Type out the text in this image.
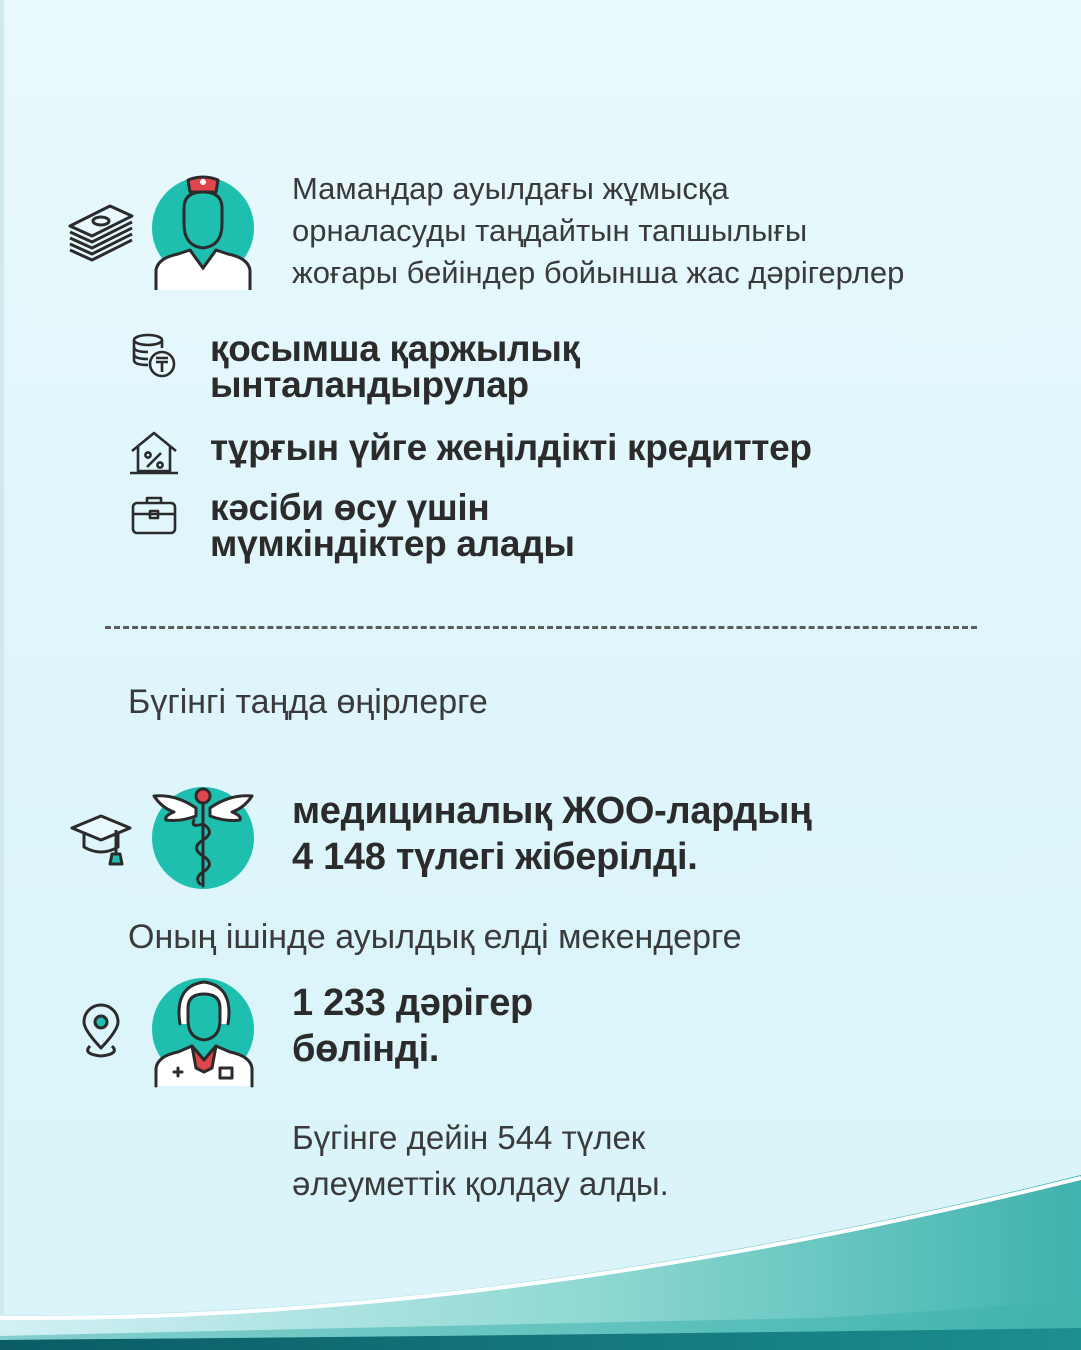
Мамандар ауылдағы жұмысқа
орналасуды таңдайтын тапшылығы
жоғары бейіндер бойынша жас дәрігерлер
қосымша қаржылық
ынталандырулар
тұрғын үйге жеңілдікті кредиттер
кәсіби өсу үшін
мүмкіндіктер алады
Бүгінгі таңда өңірлерге
медициналық ЖОО-лардың
4 148 түлегі жіберілді.
Оның ішінде ауылдық елді мекендерге
1 233 дәрігер
бөлінді.
Бүгінге дейін 544 түлек
әлеуметтік қолдау алды.
